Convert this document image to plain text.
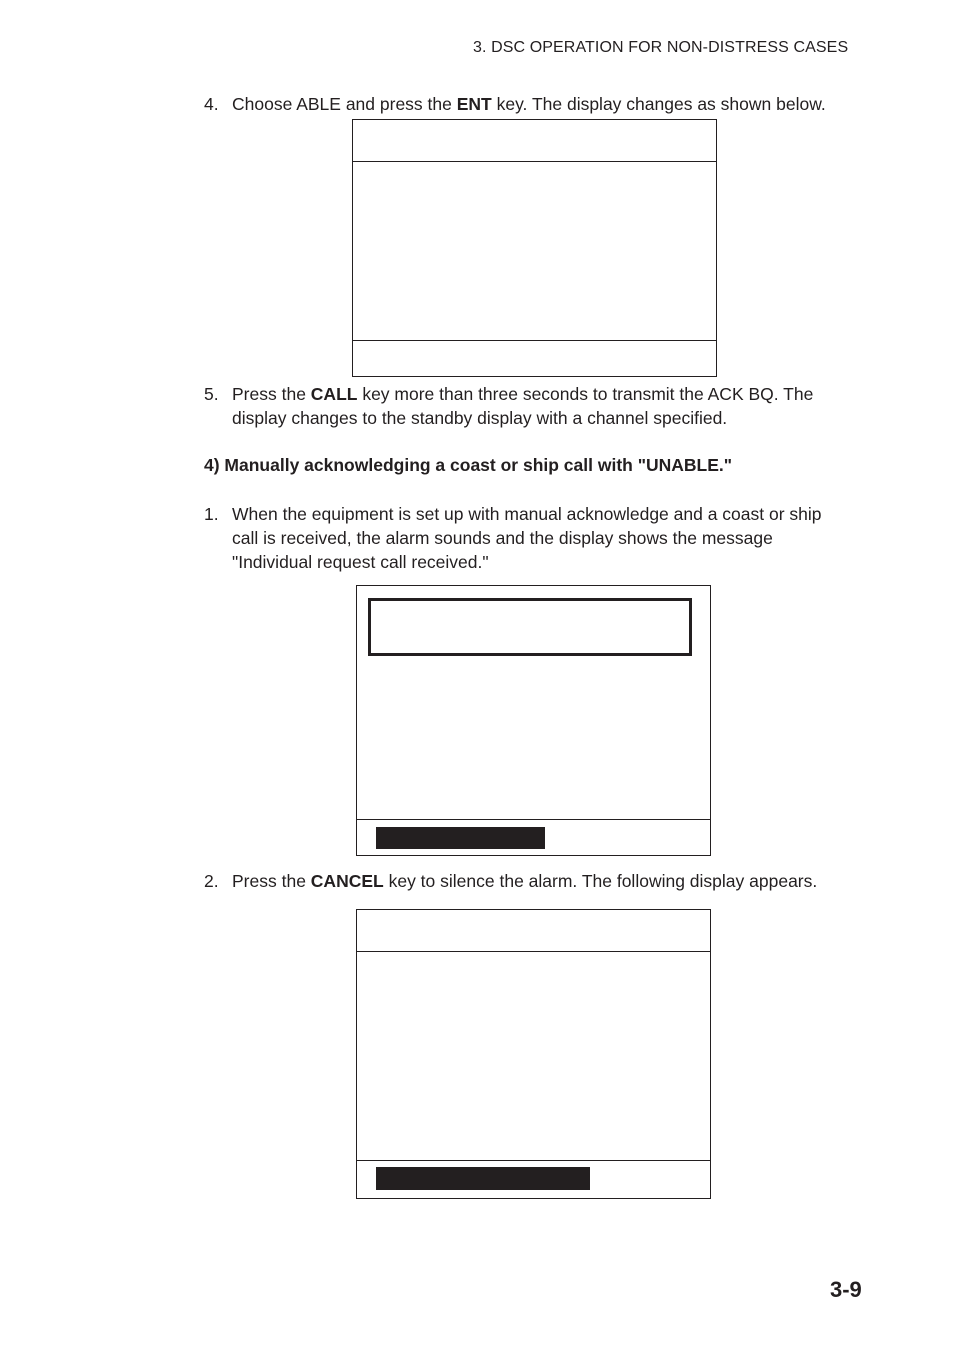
3. DSC OPERATION FOR NON-DISTRESS CASES
4. Choose ABLE and press the ENT key. The display changes as shown below.
5. Press the CALL key more than three seconds to transmit the ACK BQ. The
display changes to the standby display with a channel specified.
4) Manually acknowledging a coast or ship call with "UNABLE."
1. When the equipment is set up with manual acknowledge and a coast or ship
call is received, the alarm sounds and the display shows the message
"Individual request call received."
2. Press the CANCEL key to silence the alarm. The following display appears.
3-9
